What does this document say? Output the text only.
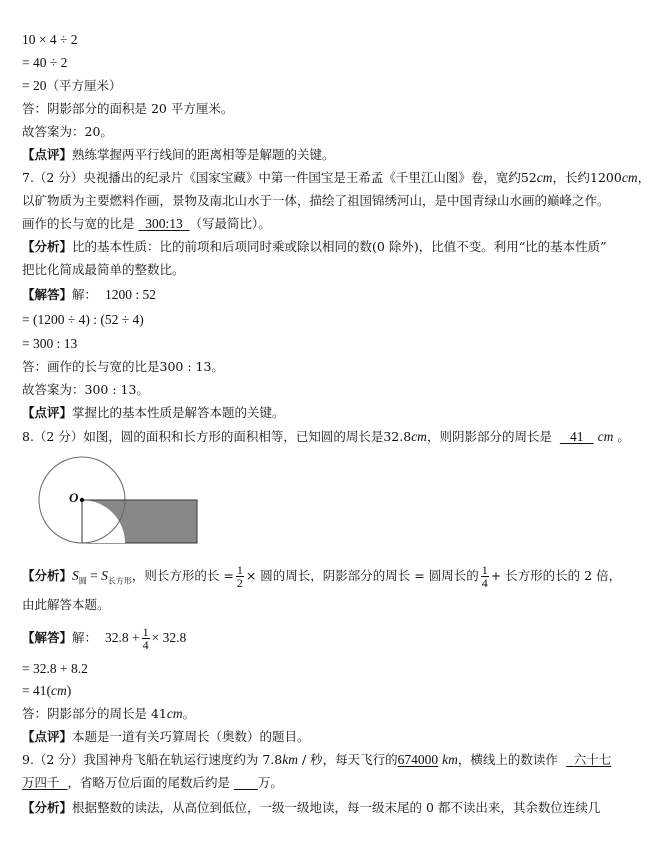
10 × 4 ÷ 2
= 40 ÷ 2
= 20（平方厘米）
答：阴影部分的面积是 20 平方厘米。
故答案为：20。
【点评】熟练掌握两平行线间的距离相等是解题的关键。
7.（2 分）央视播出的纪录片《国家宝藏》中第一件国宝是王希孟《千里江山图》卷，宽约52cm，长约1200cm，
以矿物质为主要燃料作画，景物及南北山水于一体，描绘了祖国锦绣河山，是中国青绿山水画的巅峰之作。
画作的长与宽的比是 300:13 （写最简比）。
【分析】比的基本性质：比的前项和后项同时乘或除以相同的数(0 除外)，比值不变。利用“比的基本性质”
把比化简成最简单的整数比。
【解答】解： 1200 : 52
= (1200 ÷ 4) : (52 ÷ 4)
= 300 : 13
答：画作的长与宽的比是300 : 13。
故答案为：300 : 13。
【点评】掌握比的基本性质是解答本题的关键。
8.（2 分）如图，圆的面积和长方形的面积相等，已知圆的周长是32.8cm，则阴影部分的周长是 41 cm 。
O
【分析】$S_圆 = S_{长方形}$，则长方形的长 = $\frac{1}{2}$ × 圆的周长，阴影部分的周长 = 圆周长的 $\frac{1}{4}$ + 长方形的长的 2 倍，
由此解答本题。
【解答】解： $32.8 + \frac{1}{4} \times 32.8$
= 32.8 + 8.2
= 41(cm)
答：阴影部分的周长是 41cm。
【点评】本题是一道有关巧算周长（奥数）的题目。
9.（2 分）我国神舟飞船在轨运行速度约为 7.8km / 秒，每天飞行的674000 km，横线上的数读作 六十七
万四千 ，省略万位后面的尾数后约是 万。
【分析】根据整数的读法，从高位到低位，一级一级地读，每一级末尾的 0 都不读出来，其余数位连续几
